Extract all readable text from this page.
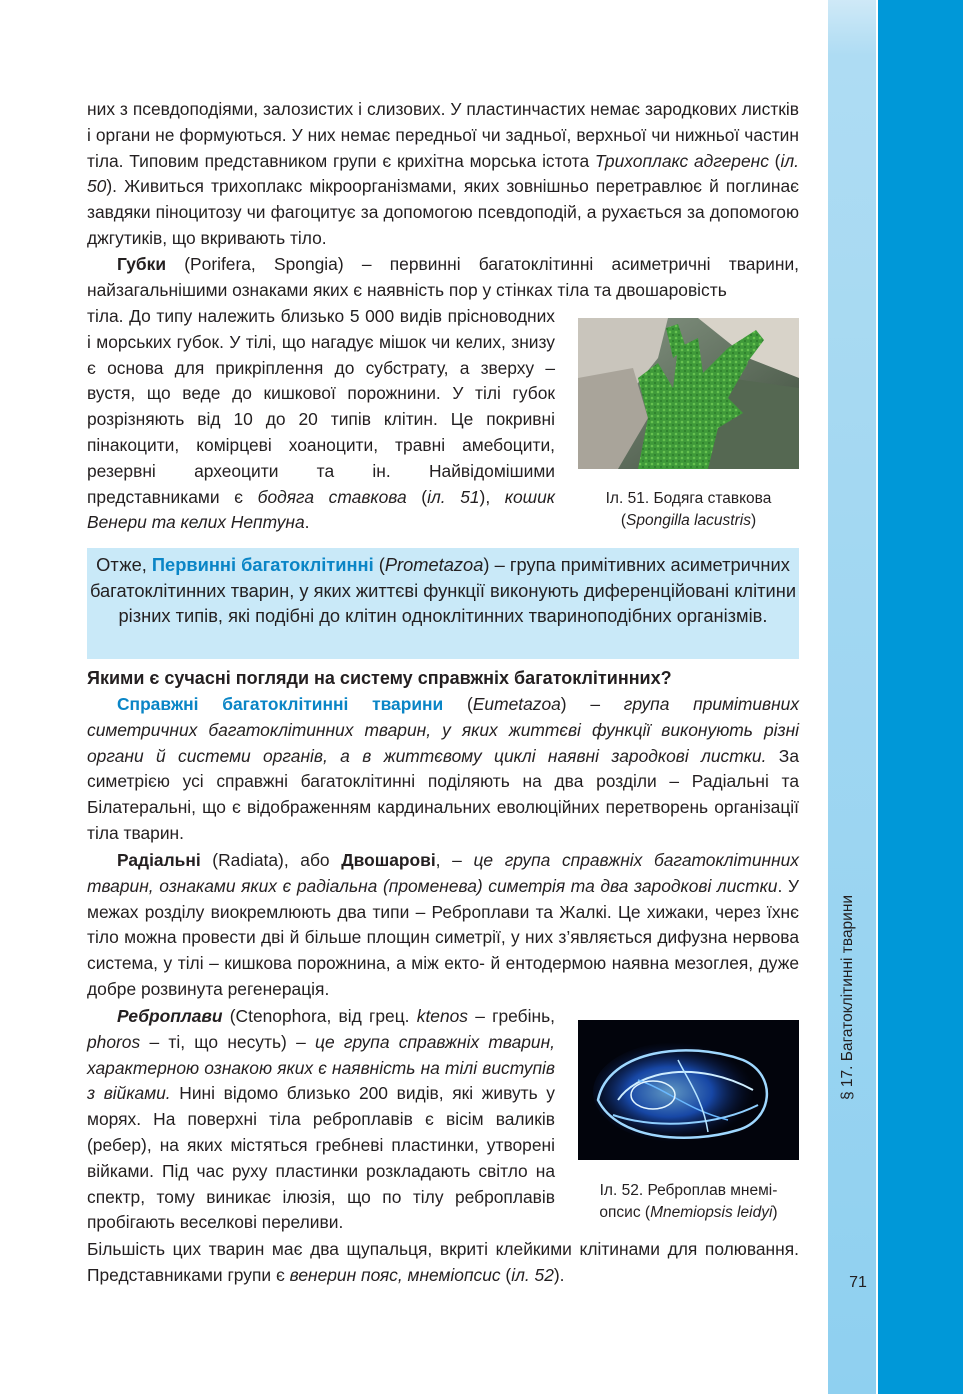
§ 17. Багатоклітинні тварини
71

них з псевдоподіями, залозистих і слизових. У пластинчастих немає зародкових листків і органи не формуються. У них немає передньої чи задньої, верхньої чи нижньої частин тіла. Типовим представником групи є крихітна морська істота Трихоплакс адгеренс (іл. 50). Живиться трихоплакс мікроорганізмами, яких зовнішньо перетравлює й поглинає завдяки піноцитозу чи фагоцитує за допомогою псевдоподій, а рухається за допомогою джгутиків, що вкривають тіло.

Губки (Porifera, Spongia) – первинні багатоклітинні асиметричні тварини, найзагальнішими ознаками яких є наявність пор у стінках тіла та двошаровість

тіла. До типу належить близько 5 000 видів прісноводних і морських губок. У тілі, що нагадує мішок чи келих, знизу є основа для прикріплення до субстрату, а зверху – вустя, що веде до кишкової порожнини. У тілі губок розрізняють від 10 до 20 типів клітин. Це покривні пінакоцити, комірцеві хоаноцити, травні амебоцити, резервні археоцити та ін. Найвідомішими представниками є бодяга ставкова (іл. 51), кошик Венери та келих Нептуна.

Іл. 51. Бодяга ставкова
(Spongilla lacustris)
Отже, Первинні багатоклітинні (Prometazoa) – група примітивних асиметричних багатоклітинних тварин, у яких життєві функції виконують диференційовані клітини різних типів, які подібні до клітин одноклітинних тваринoподібних організмів.
Якими є сучасні погляди на систему справжніх багатоклітинних?

Справжні багатоклітинні тварини (Eumetazoa) – група примітивних симетричних багатоклітинних тварин, у яких життєві функції виконують різні органи й системи органів, а в життєвому циклі наявні зародкові листки. За симетрією усі справжні багатоклітинні поділяють на два розділи – Радіальні та Білатеральні, що є відображенням кардинальних еволюційних перетворень організації тіла тварин.

Радіальні (Radiata), або Двошарові, – це група справжніх багатоклітинних тварин, ознаками яких є радіальна (променева) симетрія та два зародкові листки. У межах розділу виокремлюють два типи – Реброплави та Жалкі. Це хижаки, через їхнє тіло можна провести дві й більше площин симетрії, у них з’являється дифузна нервова система, у тілі – кишкова порожнина, а між екто- й ентодермою наявна мезоглея, дуже добре розвинута регенерація.

Реброплави (Ctenophora, від грец. ktenos – гребінь, phoros – ті, що несуть) – це група справжніх тварин, характерною ознакою яких є наявність на тілі виступів з війками. Нині відомо близько 200 видів, які живуть у морях. На поверхні тіла реброплавів є вісім валиків (ребер), на яких містяться гребневі пластинки, утворені війками. Під час руху пластинки розкладають світло на спектр, тому виникає ілюзія, що по тілу реброплавів пробігають веселкові переливи.

Більшість цих тварин має два щупальця, вкриті клейкими клітинами для полювання. Представниками групи є венерин пояс, мнеміопсис (іл. 52).

Іл. 52. Реброплав мнемі-
опсис (Mnemiopsis leidyi)
